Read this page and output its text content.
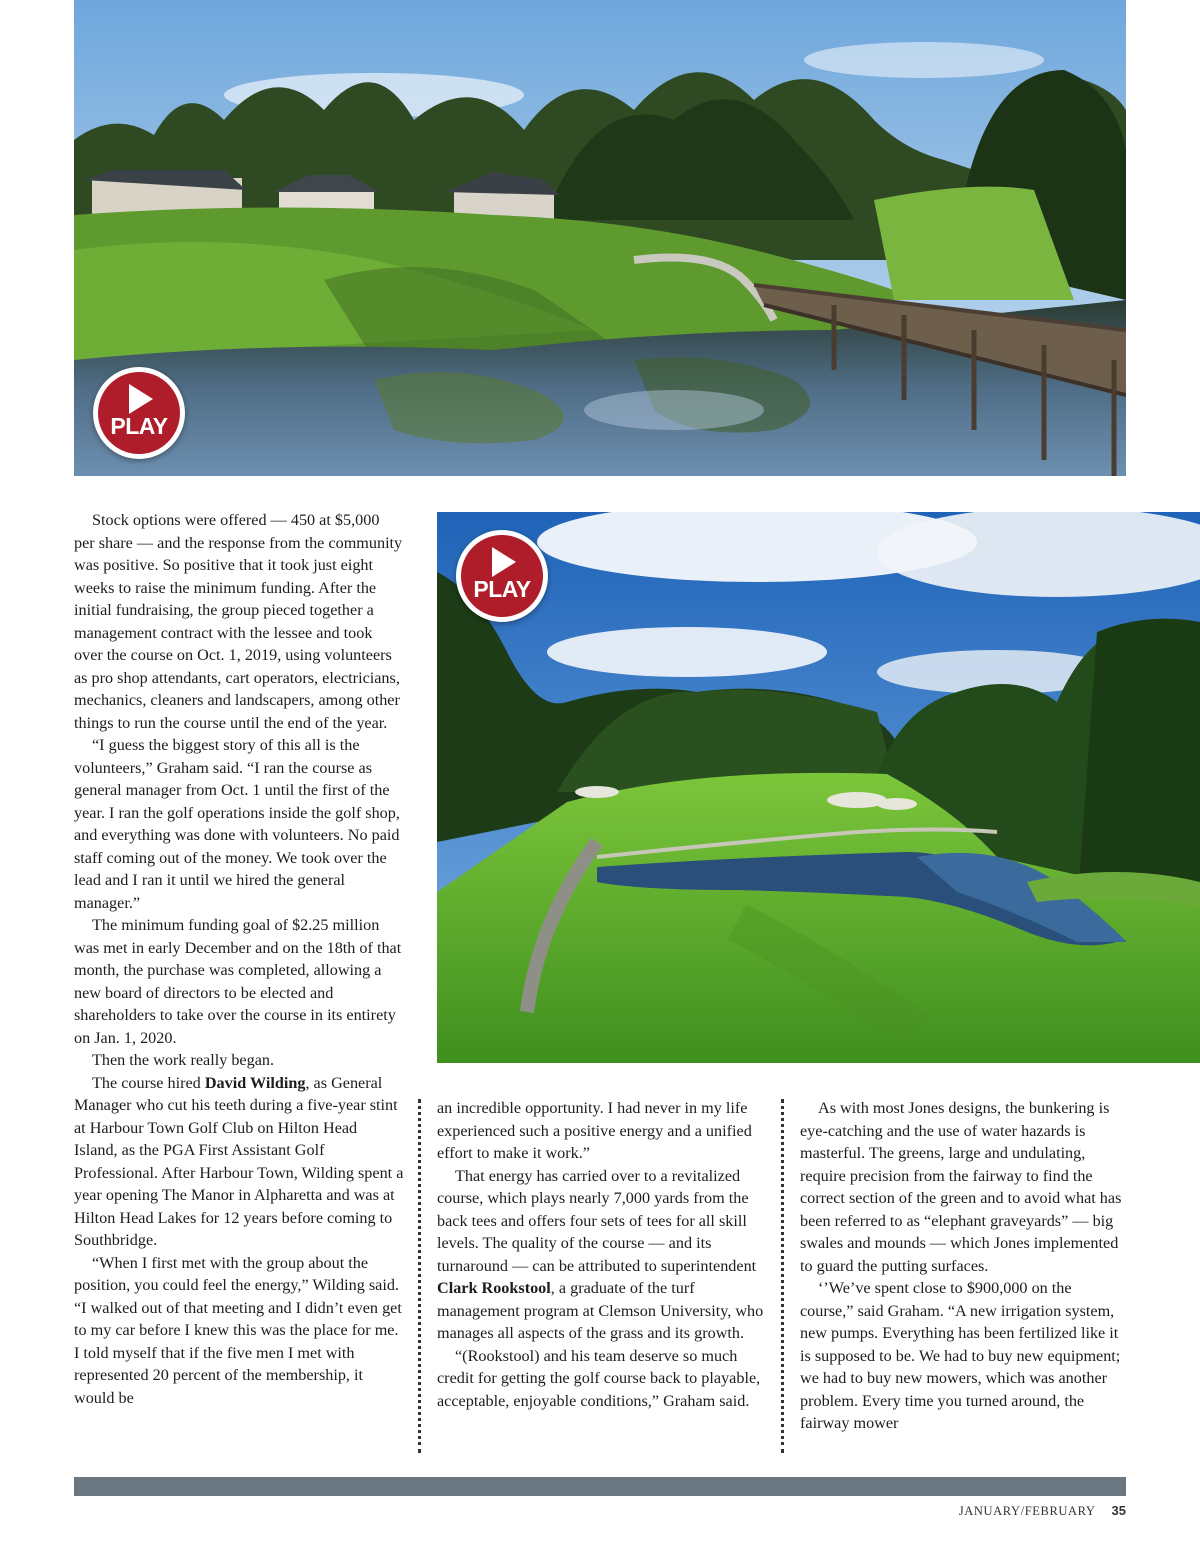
PLAY
PLAY

Stock options were offered — 450 at $5,000 per share — and the response from the community was positive. So positive that it took just eight weeks to raise the minimum funding. After the initial fundraising, the group pieced together a management contract with the lessee and took over the course on Oct. 1, 2019, using volunteers as pro shop attendants, cart operators, electricians, mechanics, cleaners and landscapers, among other things to run the course until the end of the year.

“I guess the biggest story of this all is the volunteers,” Graham said. “I ran the course as general manager from Oct. 1 until the first of the year. I ran the golf operations inside the golf shop, and everything was done with volunteers. No paid staff coming out of the money. We took over the lead and I ran it until we hired the general manager.”

The minimum funding goal of $2.25 million was met in early December and on the 18th of that month, the purchase was completed, allowing a new board of directors to be elected and shareholders to take over the course in its entirety on Jan. 1, 2020.

Then the work really began.

The course hired David Wilding, as General Manager who cut his teeth during a five-year stint at Harbour Town Golf Club on Hilton Head Island, as the PGA First Assistant Golf Professional. After Harbour Town, Wilding spent a year opening The Manor in Alpharetta and was at Hilton Head Lakes for 12 years before coming to Southbridge.

“When I first met with the group about the position, you could feel the energy,” Wilding said. “I walked out of that meeting and I didn’t even get to my car before I knew this was the place for me. I told myself that if the five men I met with represented 20 percent of the membership, it would be

an incredible opportunity. I had never in my life experienced such a positive energy and a unified effort to make it work.”

That energy has carried over to a revitalized course, which plays nearly 7,000 yards from the back tees and offers four sets of tees for all skill levels. The quality of the course — and its turnaround — can be attributed to superintendent Clark Rookstool, a graduate of the turf management program at Clemson University, who manages all aspects of the grass and its growth.

“(Rookstool) and his team deserve so much credit for getting the golf course back to playable, acceptable, enjoyable conditions,” Graham said.

As with most Jones designs, the bunkering is eye-catching and the use of water hazards is masterful. The greens, large and undulating, require precision from the fairway to find the correct section of the green and to avoid what has been referred to as “elephant graveyards” — big swales and mounds — which Jones implemented to guard the putting surfaces.

‘’We’ve spent close to $900,000 on the course,” said Graham. “A new irrigation system, new pumps. Everything has been fertilized like it is supposed to be. We had to buy new equipment; we had to buy new mowers, which was another problem. Every time you turned around, the fairway mower

JANUARY/FEBRUARY 35
